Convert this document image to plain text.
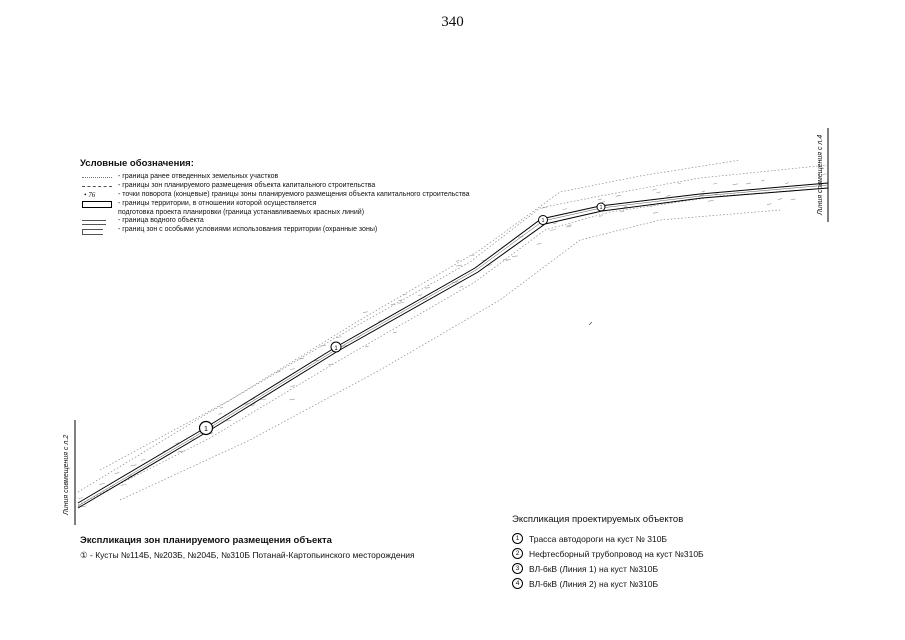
340
1
1
1
1
Линия совмещения с л.2
Линия совмещения с л.4
Условные обозначения:
- граница ранее отведенных земельных участков
- границы зон планируемого размещения объекта капитального строительства
• 76	- точки поворота (концевые) границы зоны планируемого размещения объекта капитального строительства
- границы территории, в отношении которой осуществляется
подготовка проекта планировки (граница устанавливаемых красных линий)
- граница водного объекта
- границ зон с особыми условиями использования территории (охранные зоны)
Экспликация зон планируемого размещения объекта
① - Кусты №114Б, №203Б, №204Б, №310Б Потанай-Картопьинского месторождения
Экспликация проектируемых объектов
1	Трасса автодороги на куст № 310Б
2	Нефтесборный трубопровод на куст №310Б
3	ВЛ-6кВ (Линия 1) на куст №310Б
4	ВЛ-6кВ (Линия 2) на куст №310Б
